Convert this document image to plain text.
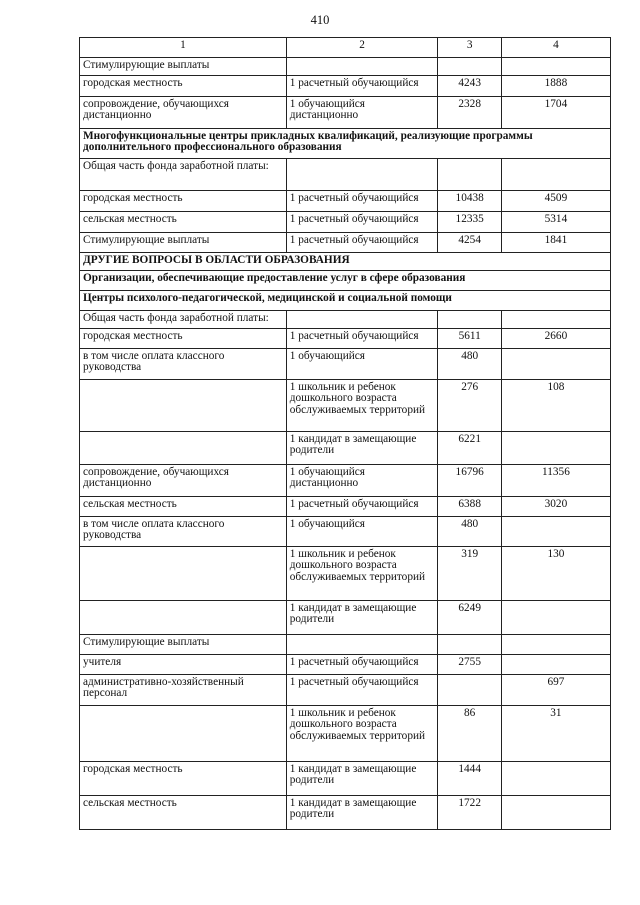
410
1	2	3	4
Стимулирующие выплаты			
городская местность	1 расчетный обучающийся	4243	1888
сопровождение, обучающихся дистанционно	1 обучающийся дистанционно	2328	1704
Многофункциональные центры прикладных квалификаций, реализующие программы дополнительного профессионального образования			
Общая часть фонда заработной платы:			
городская местность	1 расчетный обучающийся	10438	4509
сельская местность	1 расчетный обучающийся	12335	5314
Стимулирующие выплаты	1 расчетный обучающийся	4254	1841
ДРУГИЕ ВОПРОСЫ В ОБЛАСТИ ОБРАЗОВАНИЯ			
Организации, обеспечивающие предоставление услуг в сфере образования			
Центры психолого-педагогической, медицинской и социальной помощи			
Общая часть фонда заработной платы:			
городская местность	1 расчетный обучающийся	5611	2660
в том числе оплата классного руководства	1 обучающийся	480	
	1 школьник и ребенок дошкольного возраста обслуживаемых территорий	276	108
	1 кандидат в замещающие родители	6221	
сопровождение, обучающихся дистанционно	1 обучающийся дистанционно	16796	11356
сельская местность	1 расчетный обучающийся	6388	3020
в том числе оплата классного руководства	1 обучающийся	480	
	1 школьник и ребенок дошкольного возраста обслуживаемых территорий	319	130
	1 кандидат в замещающие родители	6249	
Стимулирующие выплаты			
учителя	1 расчетный обучающийся	2755	
административно-хозяйственный персонал	1 расчетный обучающийся		697
	1 школьник и ребенок дошкольного возраста обслуживаемых территорий	86	31
городская местность	1 кандидат в замещающие родители	1444	
сельская местность	1 кандидат в замещающие родители	1722	
